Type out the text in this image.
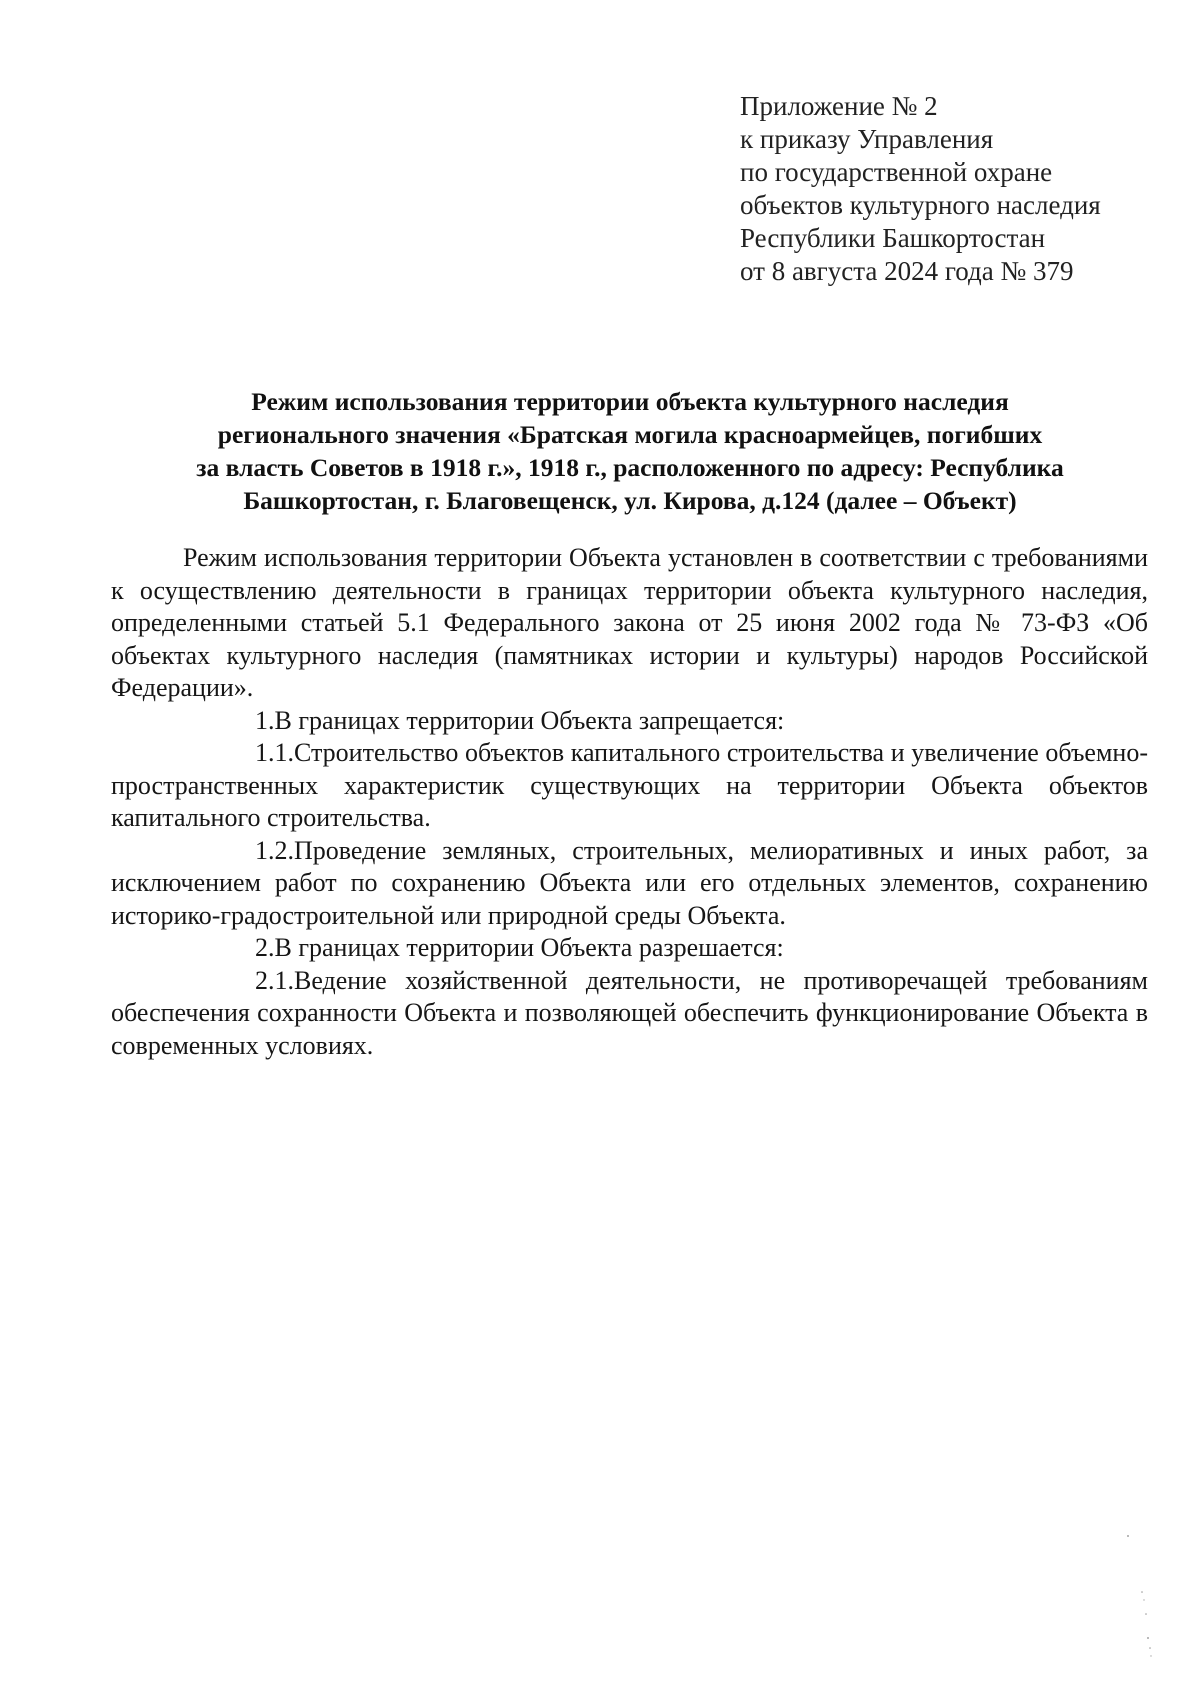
Приложение № 2
к приказу Управления
по государственной охране
объектов культурного наследия
Республики Башкортостан
от 8 августа 2024 года № 379
Режим использования территории объекта культурного наследия
регионального значения «Братская могила красноармейцев, погибших
за власть Советов в 1918 г.», 1918 г., расположенного по адресу: Республика
Башкортостан, г. Благовещенск, ул. Кирова, д.124 (далее – Объект)

Режим использования территории Объекта установлен в соответствии с требованиями к осуществлению деятельности в границах территории объекта культурного наследия, определенными статьей 5.1 Федерального закона от 25 июня 2002 года № 73-ФЗ «Об объектах культурного наследия (памятниках истории и культуры) народов Российской Федерации».

1.В границах территории Объекта запрещается:

1.1.Строительство объектов капитального строительства и увеличение объемно-пространственных характеристик существующих на территории Объекта объектов капитального строительства.

1.2.Проведение земляных, строительных, мелиоративных и иных работ, за исключением работ по сохранению Объекта или его отдельных элементов, сохранению историко-градостроительной или природной среды Объекта.

2.В границах территории Объекта разрешается:

2.1.Ведение хозяйственной деятельности, не противоречащей требованиям обеспечения сохранности Объекта и позволяющей обеспечить функционирование Объекта в современных условиях.
